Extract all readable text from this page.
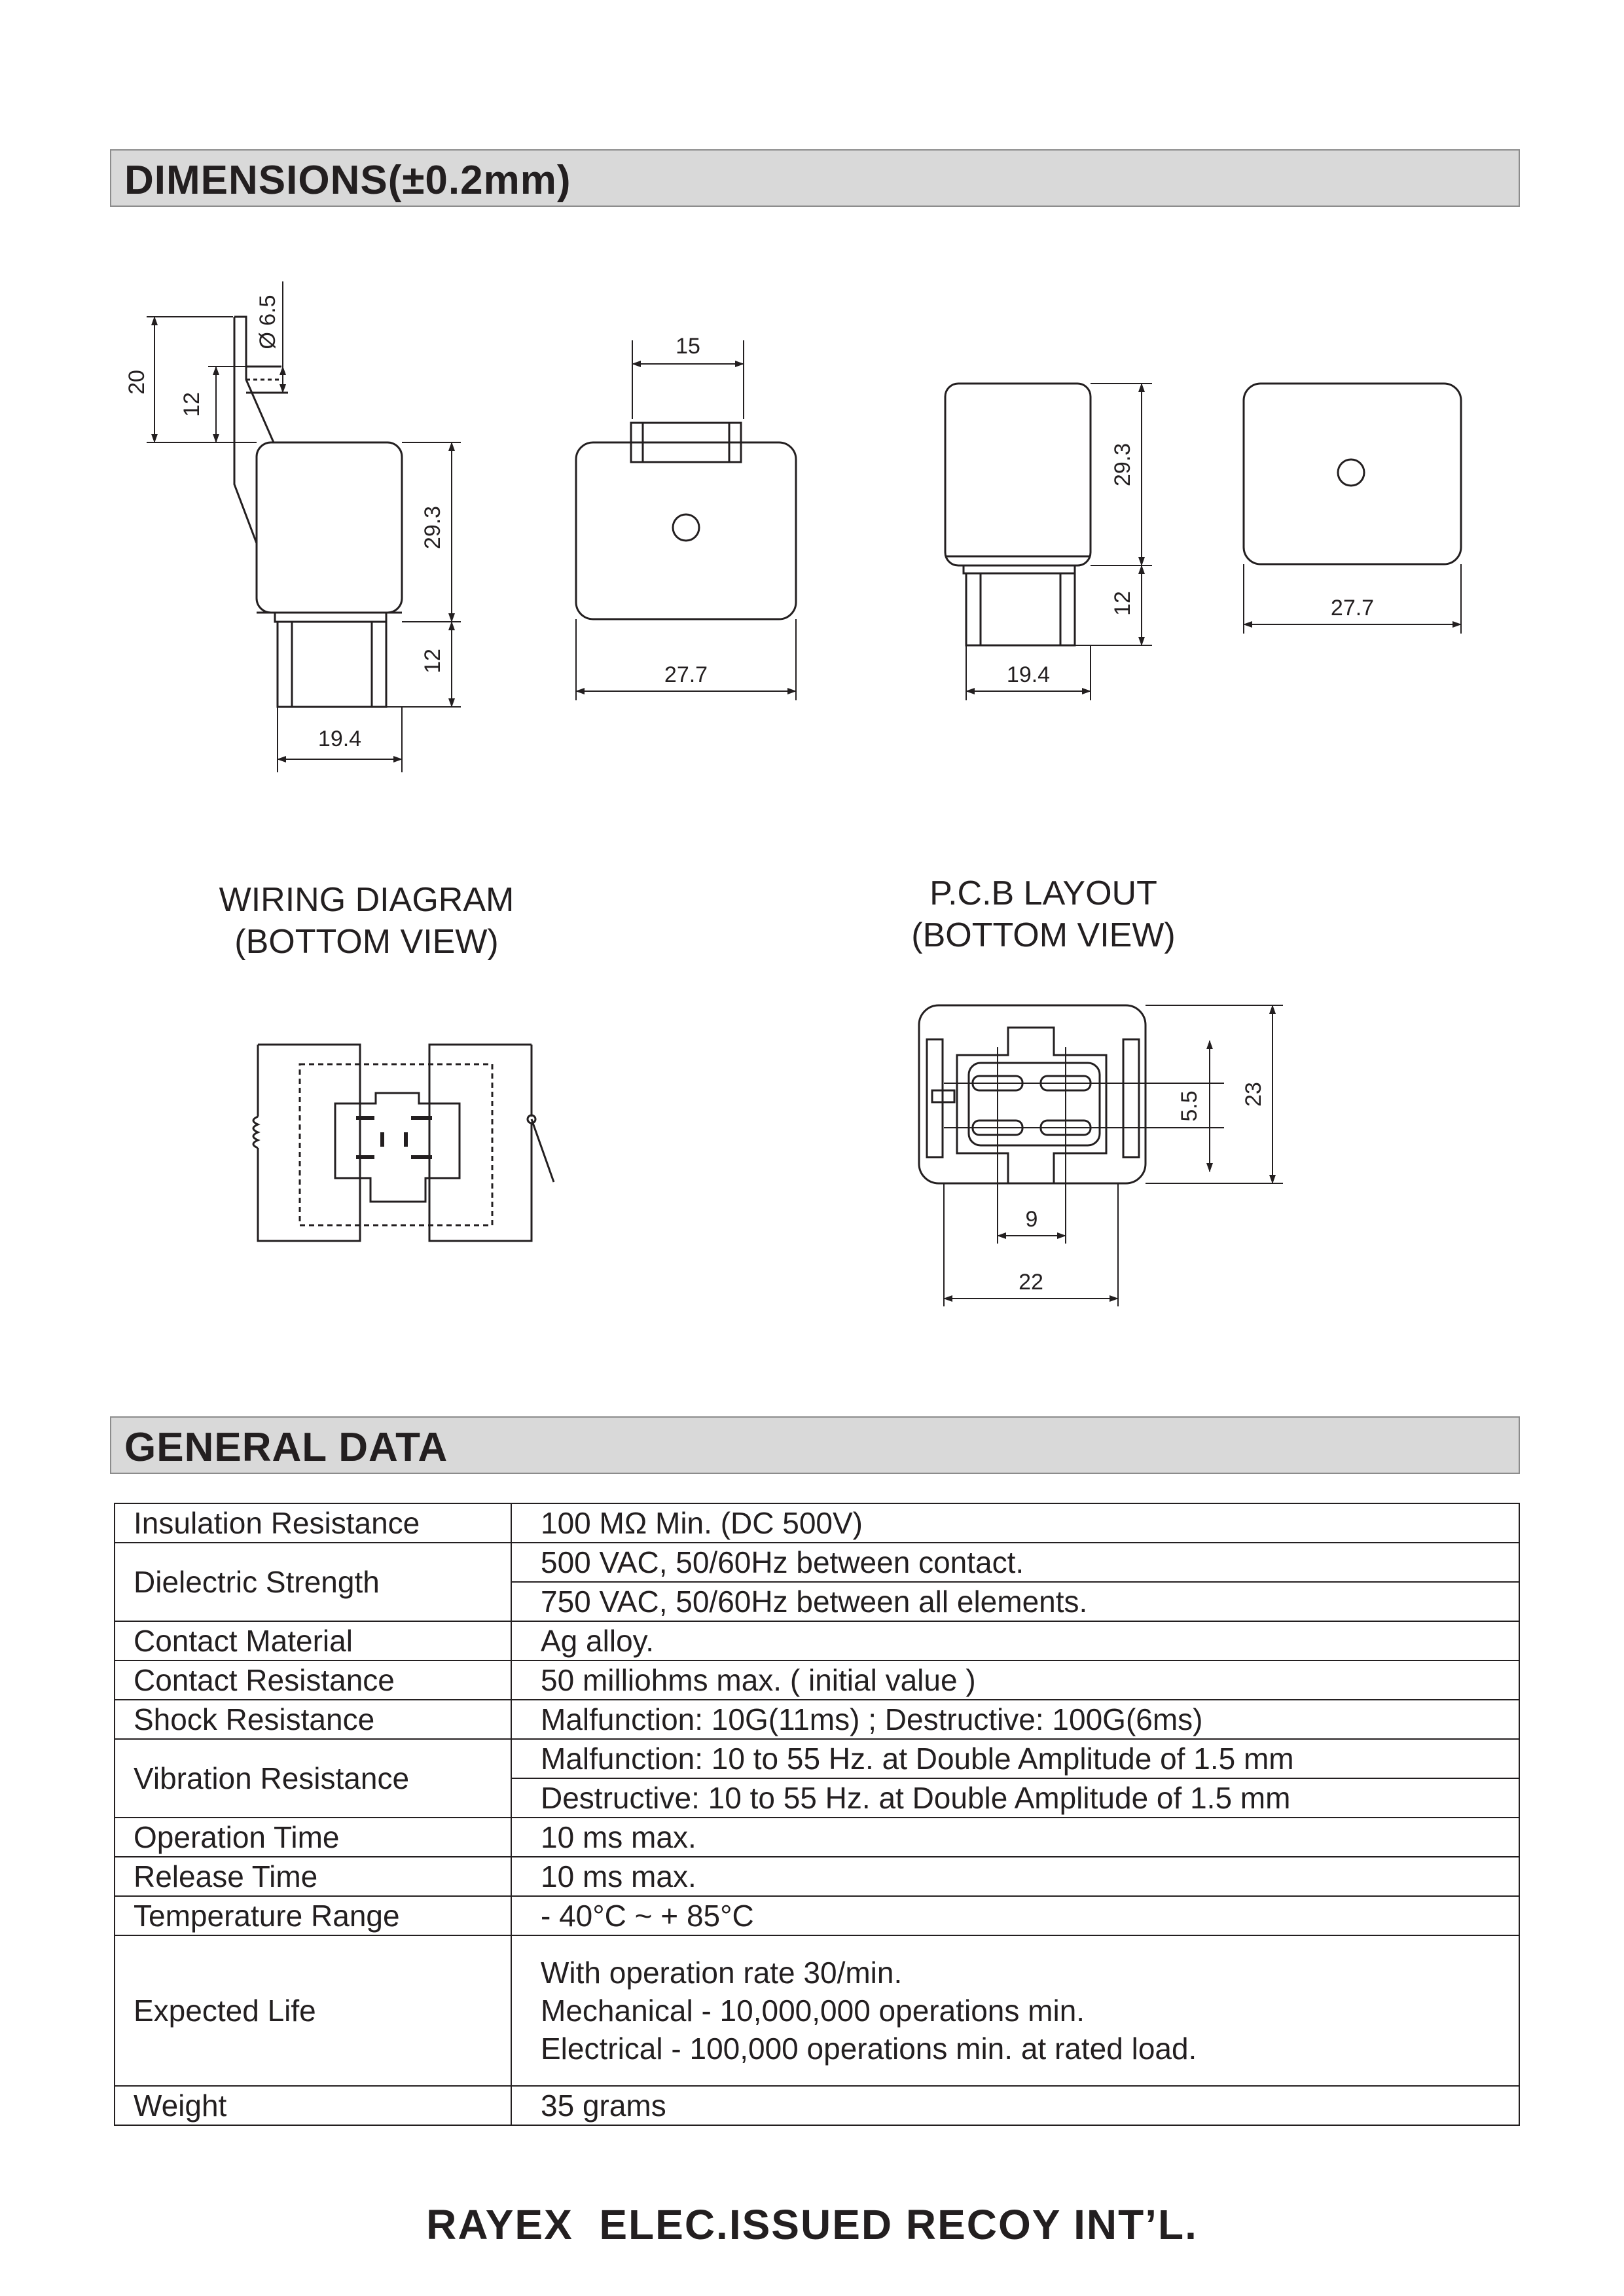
DIMENSIONS(±0.2mm)
Ø 6.5
20
12
29.3
12
19.4
15
27.7
29.3
12
19.4
27.7
5.5 23
9
22
WIRING DIAGRAM
(BOTTOM VIEW)
P.C.B LAYOUT
(BOTTOM VIEW)
GENERAL DATA
Insulation Resistance	100 MΩ Min. (DC 500V)
Dielectric Strength	500 VAC, 50/60Hz between contact.
	750 VAC, 50/60Hz between all elements.
Contact Material	Ag alloy.
Contact Resistance	50 milliohms max. ( initial value )
Shock Resistance	Malfunction: 10G(11ms) ; Destructive: 100G(6ms)
Vibration Resistance	Malfunction: 10 to 55 Hz. at Double Amplitude of 1.5 mm
	Destructive: 10 to 55 Hz. at Double Amplitude of 1.5 mm
Operation Time	10 ms max.
Release Time	10 ms max.
Temperature Range	- 40°C ~ + 85°C
Expected Life	With operation rate 30/min.
Mechanical - 10,000,000 operations min.
Electrical - 100,000 operations min. at rated load.

Weight	35 grams
RAYEX  ELEC.ISSUED RECOY INT’L.
